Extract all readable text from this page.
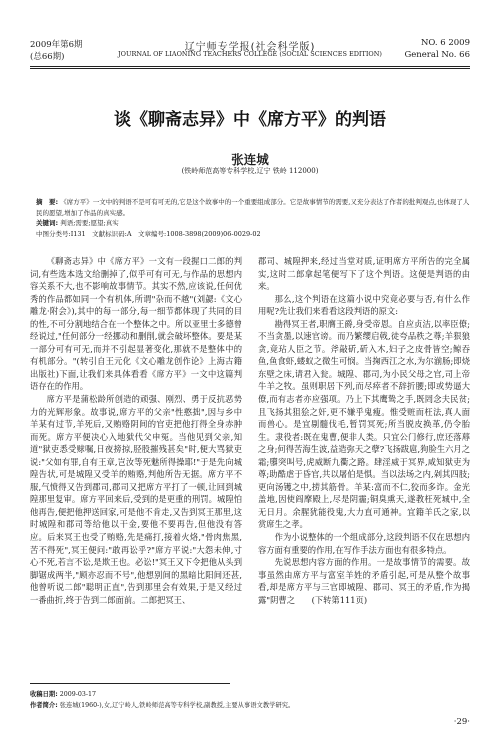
2009年第6期	辽宁师专学报(社会科学版)	NO. 6 2009
(总66期)	JOURNAL OF LIAONING TEACHERS COLLEGE (SOCIAL SCIENCES EDITION)	General No. 66
谈《聊斋志异》中《席方平》的判语
张连城
(铁岭师范高等专科学校,辽宁 铁岭 112000)
摘　要: 《席方平》一文中的判语不是可有可无的,它是这个故事中的一个重要组成部分。它是故事情节的需要,又充分表达了作者的批判观点,也体现了人民的愿望,增加了作品的真实感。
关键词: 判语;需要;愿望;真实
中图分类号:I131　文献标识码:A　文章编号:1008-3898(2009)06-0029-02

《聊斋志异》中《席方平》一文有一段握口二郎的判词,有些选本选文给删掉了,似乎可有可无,与作品的思想内容关系不大,也不影响故事情节。其实不然,应该说,任何优秀的作品都如同一个有机体,所谓"杂而不越"(刘勰:《文心雕龙·附会》),其中的每一部分,每一细节都体现了共同的目的性,不可分割地结合在一个整体之中。所以亚里士多德曾经说过,"任何部分一经挪动和删削,就会破坏整体。要是某一部分可有可无,而并不引起显著变化,那就不是整体中的有机部分。"(转引自王元化《文心雕龙创作论》上海古籍出版社)下面,让我们来具体看看《席方平》一文中这篇判语存在的作用。

席方平是蒲松龄所创造的顽强、刚烈、勇于反抗恶势力的光辉形象。故事说,席方平的父亲"性憨拙",因与乡中羊某有过节,羊死后,又贿赂阴间的官吏把他打得全身赤肿而死。席方平便决心入地狱代父申冤。当他见到父亲,知道"狱吏悉受赇嘱,日夜搒掠,胫股摧残甚矣"时,便大骂狱吏说:"父如有罪,自有王章,岂汝等死魅所得操耶!"于是先向城隍告状,可是城隍又受羊的贿赂,判他所告无据。席方平不服,气愤得又告到郡司,郡司又把席方平打了一顿,让回到城隍那里复审。席方平回来后,受到的是更重的刑罚。城隍怕他再告,便把他押送回家,可是他不肯走,又告到冥王那里,这时城隍和郡司等给他以干金,要他不要再告,但他没有答应。后来冥王也受了贿赂,先是痛打,接着火烙,"骨肉焦黑,苦不得死",冥王便问:"敢再讼乎?"席方平说:"大怨未伸,寸心不死,若言不讼,是欺王也。必讼!"冥王又下令把他从头到脚锯成两半,"顾亦忍而不号",他想别间的黑暗比阳间还甚,他曾听说二郎"聪明正直",告到那里会有效果,于是又经过一番曲折,终于告到二郎面前。二郎把冥王、

郡司、城隍押来,经过当堂对质,证明席方平所告的完全属实,这时二郎拿起笔便写下了这个判语。这便是判语的由来。

那么,这个判语在这篇小说中究竟必要与否,有什么作用呢?先让我们来看看这段判语的原文:

勘得冥王者,职膺王爵,身受帝恩。自应贞洁,以率臣僚;不当贪墨,以速官谤。而乃繁缨启戟,徒夸品秩之尊;羊狠狼贪,竟玷人臣之节。斧敲斫,斫入木,妇子之皮骨皆空;鲸吞鱼,鱼食虾,蝼蚁之微生可悯。当掬西江之水,为尔湔肠;即烧东壁之床,请君入瓮。城隍、郡司,为小民父母之官,司上帝牛羊之牧。虽则职居下列,而尽瘁者不辞折腰;即或势逼大僚,而有志者亦应强项。乃上下其鹰鸷之手,既罔念夫民贫;且飞扬其狙狯之奸,更不嫌乎鬼瘦。惟受赃而枉法,真人面而兽心。是宜剔髓伐毛,暂罚冥死;所当脱皮换革,仍令胎生。隶役者:既在鬼曹,便非人类。只宜公门修行,庶还落蓐之身;何得苦海生波,益造弥天之孽?飞扬跋扈,狗脸生六月之霜;隳突叫号,虎威断九衢之路。肆淫威于冥界,咸知狱吏为尊;助酷虐于昏官,共以屠伯是惧。当以法场之内,剁其四肢;更向汤镬之中,捞其筋骨。羊某:富而不仁,狡而多诈。金光盖地,因使阎摩殿上,尽是阴霾;铜臭熏天,遂教枉死城中,全无日月。余腥犹能役鬼,大力直可通神。宜籍羊氏之家,以赏席生之孝。

作为小说整体的一个组成部分,这段判语不仅在思想内容方面有重要的作用,在写作手法方面也有很多特点。

先说思想内容方面的作用。一是故事情节的需要。故事虽然由席方平与富室羊姓的矛盾引起,可是从整个故事看,却是席方平与三官即城隍、郡司、冥王的矛盾,作为揭露"阴曹之　　(下转第111页)

收稿日期: 2009-03-17
作者简介: 张连城(1960-),女,辽宁岭人,铁岭师范高等专科学校,副教授,主要从事语文教学研究。
·29·
